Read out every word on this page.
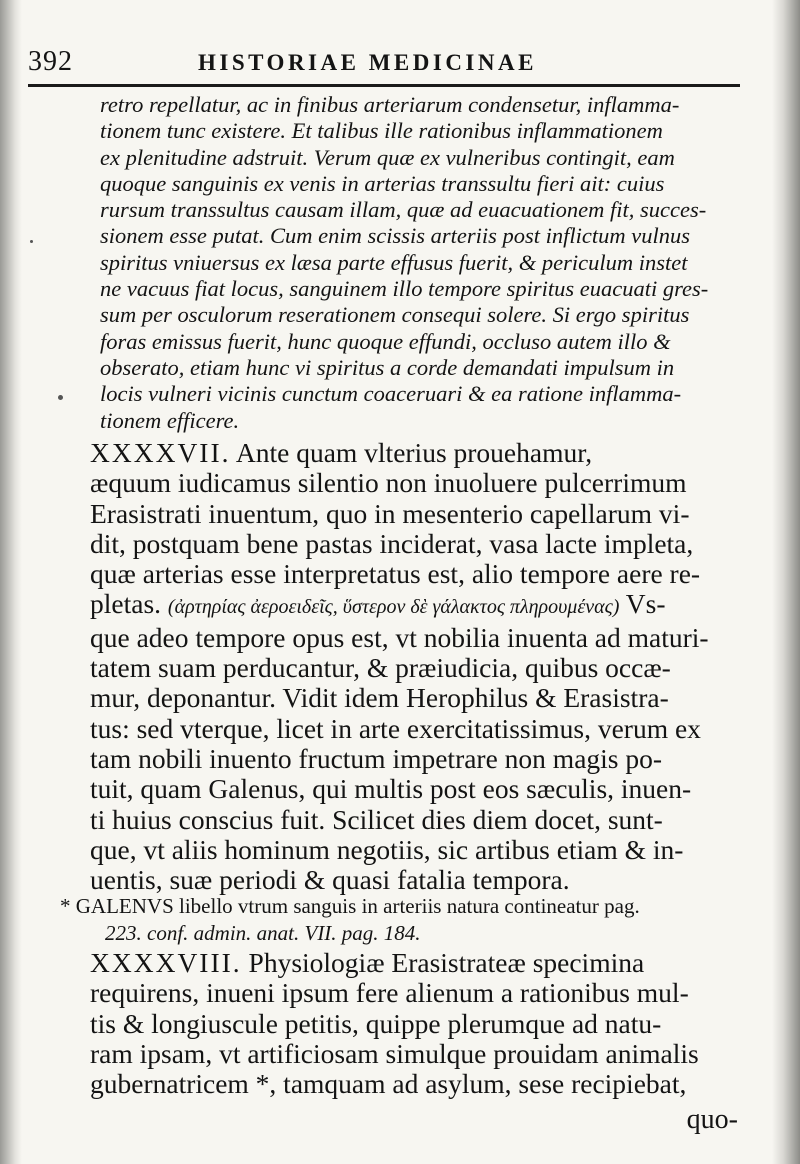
392	HISTORIAE MEDICINAE
retro repellatur, ac in finibus arteriarum condensetur, inflamma-
tionem tunc existere. Et talibus ille rationibus inflammationem
ex plenitudine adstruit. Verum quæ ex vulneribus contingit, eam
quoque sanguinis ex venis in arterias transsultu fieri ait: cuius
rursum transsultus causam illam, quæ ad euacuationem fit, succes-
sionem esse putat. Cum enim scissis arteriis post inflictum vulnus
spiritus vniuersus ex læsa parte effusus fuerit, & periculum instet
ne vacuus fiat locus, sanguinem illo tempore spiritus euacuati gres-
sum per osculorum reserationem consequi solere. Si ergo spiritus
foras emissus fuerit, hunc quoque effundi, occluso autem illo &
obserato, etiam hunc vi spiritus a corde demandati impulsum in
locis vulneri vicinis cunctum coaceruari & ea ratione inflamma-
tionem efficere.
XXXXVII. Ante quam vlterius prouehamur,
æquum iudicamus silentio non inuoluere pulcerrimum
Erasistrati inuentum, quo in mesenterio capellarum vi-
dit, postquam bene pastas inciderat, vasa lacte impleta,
quæ arterias esse interpretatus est, alio tempore aere re-
pletas. (ἀρτηρίας ἀεροειδεῖς, ὕστερον δὲ γάλακτος πληρουμένας) Vs-
que adeo tempore opus est, vt nobilia inuenta ad maturi-
tatem suam perducantur, & præiudicia, quibus occæ-
mur, deponantur. Vidit idem Herophilus & Erasistra-
tus: sed vterque, licet in arte exercitatissimus, verum ex
tam nobili inuento fructum impetrare non magis po-
tuit, quam Galenus, qui multis post eos sæculis, inuen-
ti huius conscius fuit. Scilicet dies diem docet, sunt-
que, vt aliis hominum negotiis, sic artibus etiam & in-
uentis, suæ periodi & quasi fatalia tempora.
* GALENVS libello vtrum sanguis in arteriis natura contineatur pag.
223. conf. admin. anat. VII. pag. 184.
XXXXVIII. Physiologiæ Erasistrateæ specimina
requirens, inueni ipsum fere alienum a rationibus mul-
tis & longiuscule petitis, quippe plerumque ad natu-
ram ipsam, vt artificiosam simulque prouidam animalis
gubernatricem *, tamquam ad asylum, sese recipiebat,
quo-
